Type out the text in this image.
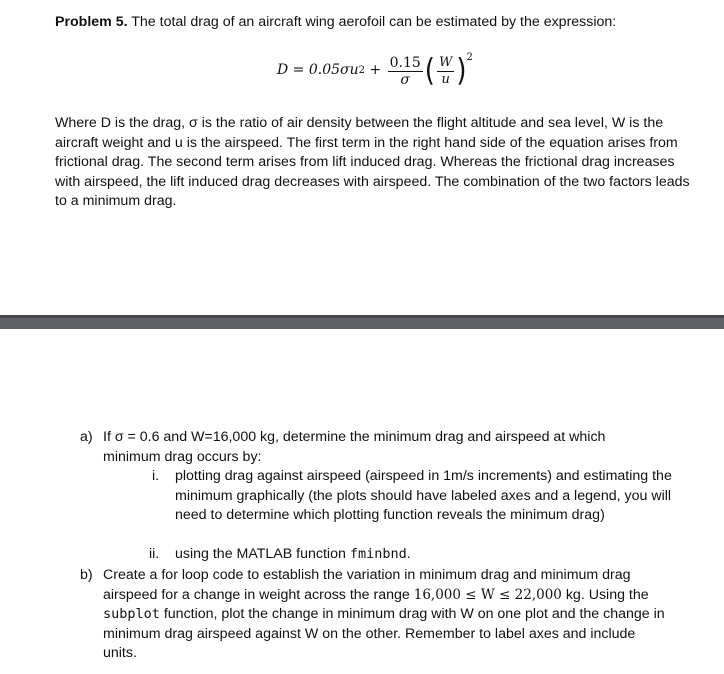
Problem 5. The total drag of an aircraft wing aerofoil can be estimated by the expression:
D = 0.05σu $2 + \frac{0.15}{\sigma}$ ( $\frac{W}{u}$ ) 2
Where D is the drag, σ is the ratio of air density between the flight altitude and sea level, W is the aircraft weight and u is the airspeed. The first term in the right hand side of the equation arises from frictional drag. The second term arises from lift induced drag. Whereas the frictional drag increases with airspeed, the lift induced drag decreases with airspeed. The combination of the two factors leads to a minimum drag.
a) If σ = 0.6 and W=16,000 kg, determine the minimum drag and airspeed at which minimum drag occurs by:
i. plotting drag against airspeed (airspeed in 1m/s increments) and estimating the minimum graphically (the plots should have labeled axes and a legend, you will need to determine which plotting function reveals the minimum drag)
ii. using the MATLAB function fminbnd.
b) Create a for loop code to establish the variation in minimum drag and minimum drag airspeed for a change in weight across the range 16,000 ≤ W ≤ 22,000 kg. Using the subplot function, plot the change in minimum drag with W on one plot and the change in minimum drag airspeed against W on the other. Remember to label axes and include units.
